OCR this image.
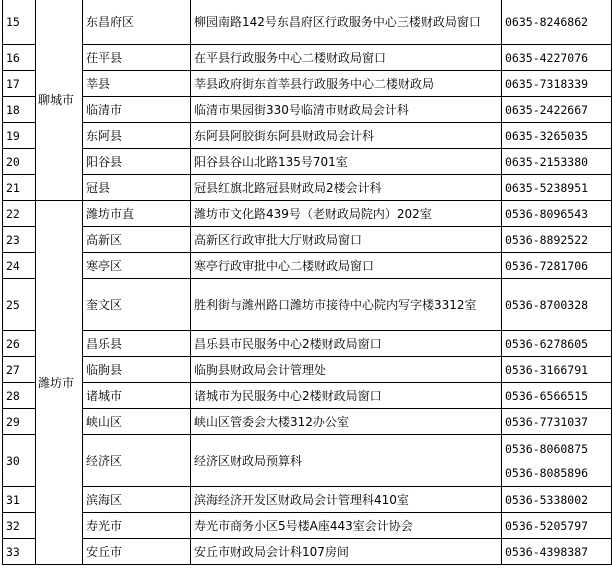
15	聊城市	东昌府区	柳园南路142号东昌府区行政服务中心三楼财政局窗口	0635-8246862

16		茌平县	在平县行政服务中心二楼财政局窗口	0635-4227076

17		莘县	莘县政府街东首莘县行政服务中心二楼财政局	0635-7318339

18		临清市	临清市果园街330号临清市财政局会计科	0635-2422667

19		东阿县	东阿县阿胶街东阿县财政局会计科	0635-3265035

20		阳谷县	阳谷县谷山北路135号701室	0635-2153380

21		冠县	冠县红旗北路冠县财政局2楼会计科	0635-5238951

22	潍坊市	潍坊市直	潍坊市文化路439号（老财政局院内）202室	0536-8096543

23		高新区	高新区行政审批大厅财政局窗口	0536-8892522

24		寒亭区	寒亭行政审批中心二楼财政局窗口	0536-7281706

25		奎文区	胜利街与潍州路口潍坊市接待中心院内写字楼3312室	0536-8700328

26		昌乐县	昌乐县市民服务中心2楼财政局窗口	0536-6278605

27		临朐县	临朐县财政局会计管理处	0536-3166791

28		诸城市	诸城市为民服务中心2楼财政局窗口	0536-6566515

29		峡山区	峡山区管委会大楼312办公室	0536-7731037

30		经济区	经济区财政局预算科	0536-8060875
0536-8085896

31		滨海区	滨海经济开发区财政局会计管理科410室	0536-5338002

32		寿光市	寿光市商务小区5号楼A座443室会计协会	0536-5205797

33		安丘市	安丘市财政局会计科107房间	0536-4398387
